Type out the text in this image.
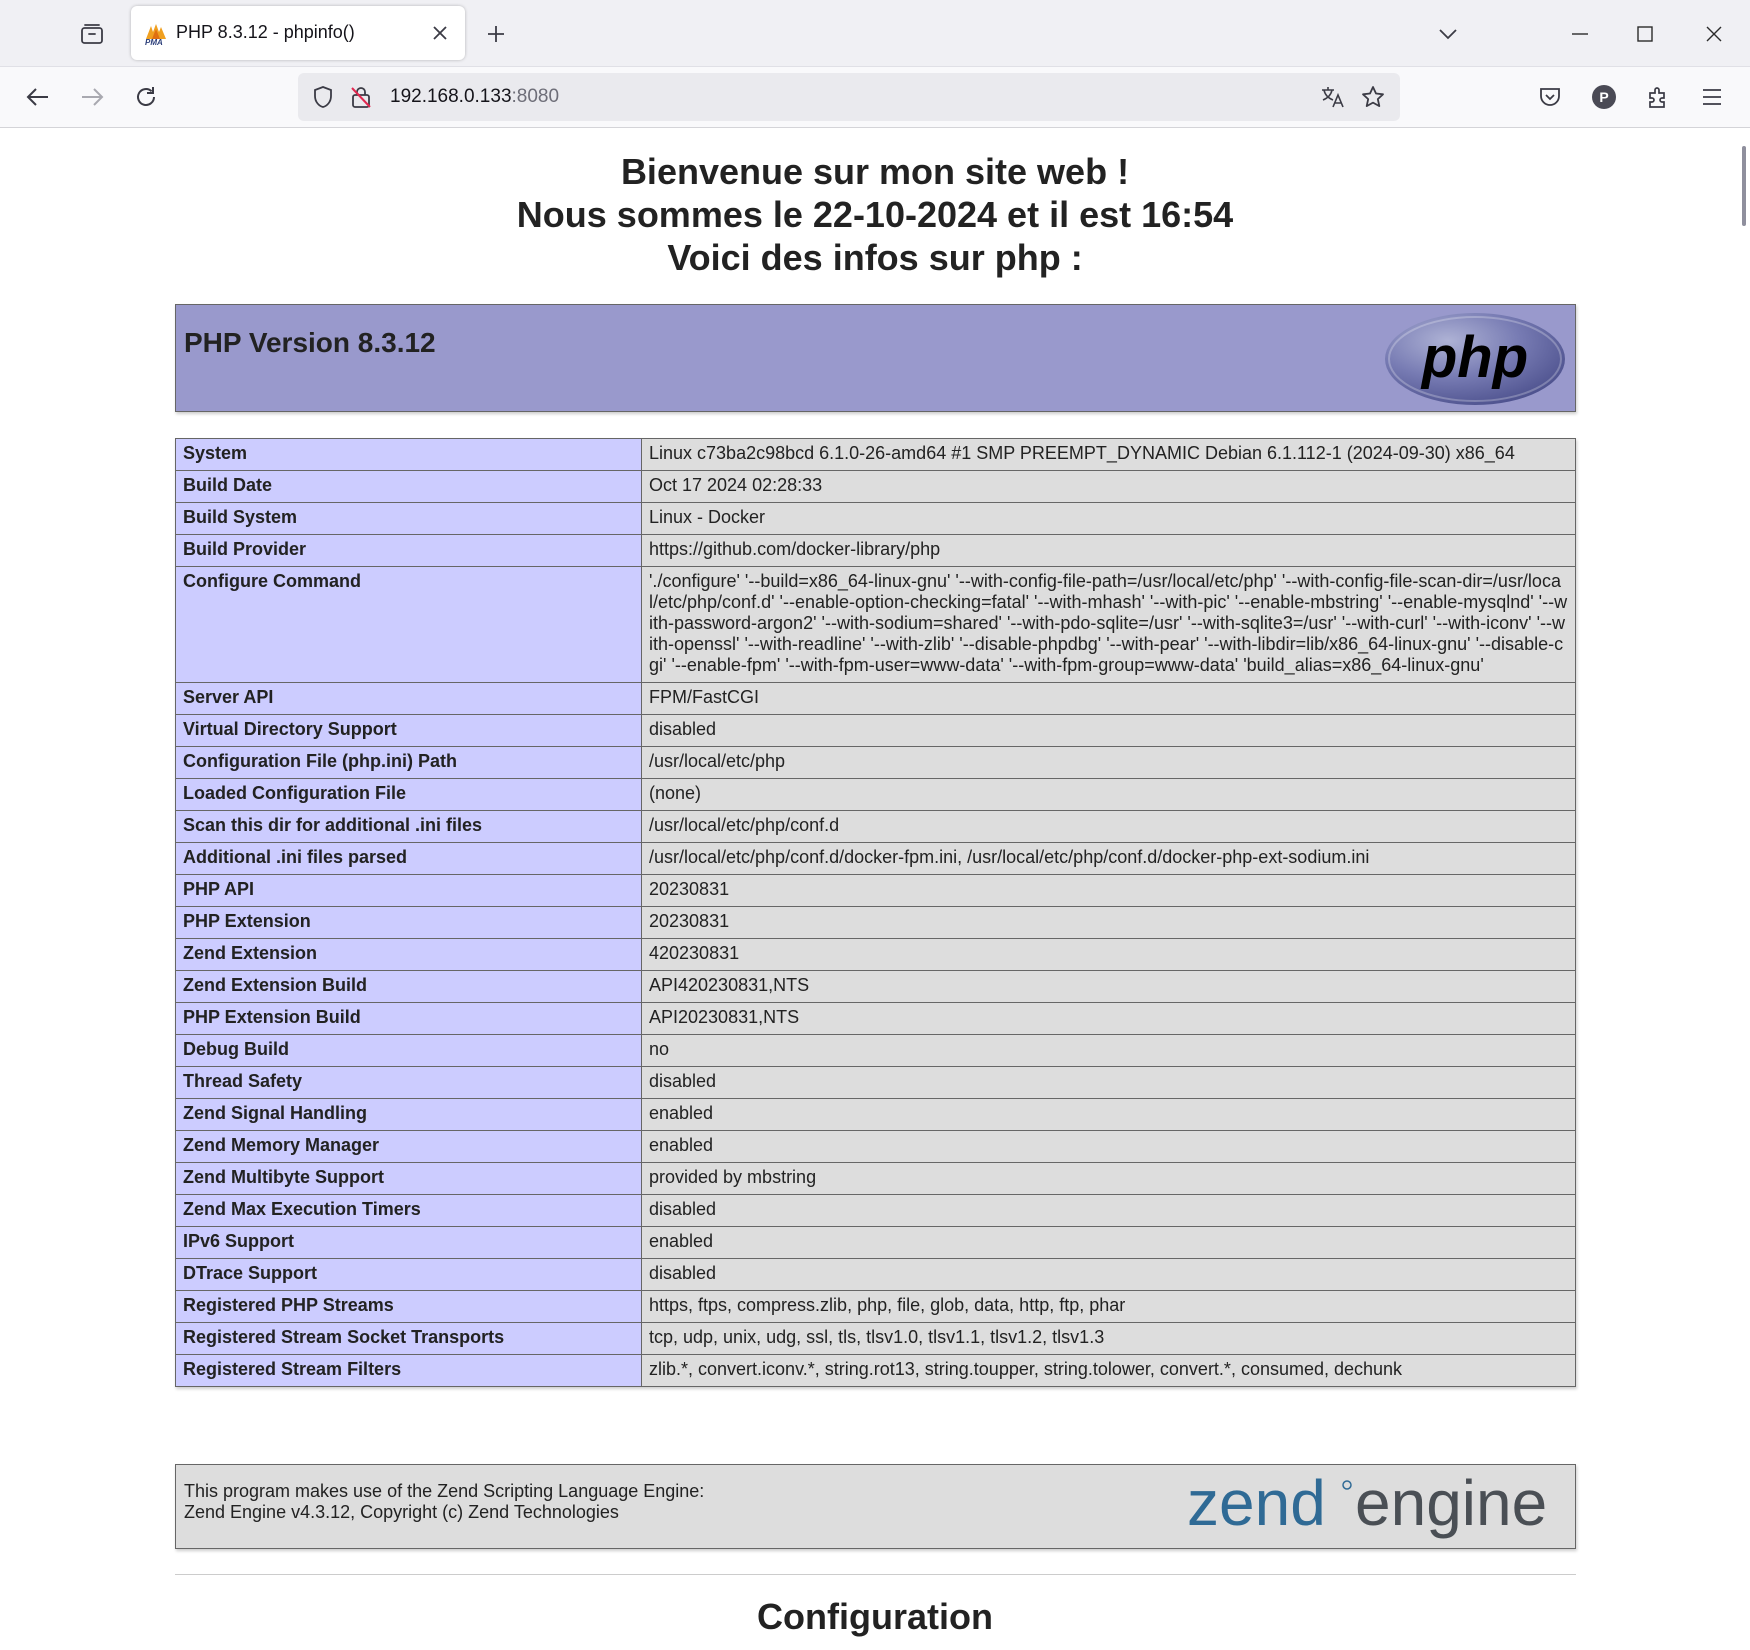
PMA
PHP 8.3.12 - phpinfo()
192.168.0.133:8080	P
Bienvenue sur mon site web !
Nous sommes le 22-10-2024 et il est 16:54
Voici des infos sur php :
PHP Version 8.3.12	php
System	Linux c73ba2c98bcd 6.1.0-26-amd64 #1 SMP PREEMPT_DYNAMIC Debian 6.1.112-1 (2024-09-30) x86_64
Build Date	Oct 17 2024 02:28:33
Build System	Linux - Docker
Build Provider	https://github.com/docker-library/php
Configure Command	'./configure' '--build=x86_64-linux-gnu' '--with-config-file-path=/usr/local/etc/php' '--with-config-file-scan-dir=/usr/local/etc/php/conf.d' '--enable-option-checking=fatal' '--with-mhash' '--with-pic' '--enable-mbstring' '--enable-mysqlnd' '--with-password-argon2' '--with-sodium=shared' '--with-pdo-sqlite=/usr' '--with-sqlite3=/usr' '--with-curl' '--with-iconv' '--with-openssl' '--with-readline' '--with-zlib' '--disable-phpdbg' '--with-pear' '--with-libdir=lib/x86_64-linux-gnu' '--disable-cgi' '--enable-fpm' '--with-fpm-user=www-data' '--with-fpm-group=www-data' 'build_alias=x86_64-linux-gnu'
Server API	FPM/FastCGI
Virtual Directory Support	disabled
Configuration File (php.ini) Path	/usr/local/etc/php
Loaded Configuration File	(none)
Scan this dir for additional .ini files	/usr/local/etc/php/conf.d
Additional .ini files parsed	/usr/local/etc/php/conf.d/docker-fpm.ini, /usr/local/etc/php/conf.d/docker-php-ext-sodium.ini
PHP API	20230831
PHP Extension	20230831
Zend Extension	420230831
Zend Extension Build	API420230831,NTS
PHP Extension Build	API20230831,NTS
Debug Build	no
Thread Safety	disabled
Zend Signal Handling	enabled
Zend Memory Manager	enabled
Zend Multibyte Support	provided by mbstring
Zend Max Execution Timers	disabled
IPv6 Support	enabled
DTrace Support	disabled
Registered PHP Streams	https, ftps, compress.zlib, php, file, glob, data, http, ftp, phar
Registered Stream Socket Transports	tcp, udp, unix, udg, ssl, tls, tlsv1.0, tlsv1.1, tlsv1.2, tlsv1.3
Registered Stream Filters	zlib.*, convert.iconv.*, string.rot13, string.toupper, string.tolower, convert.*, consumed, dechunk
This program makes use of the Zend Scripting Language Engine:
Zend Engine v4.3.12, Copyright (c) Zend Technologies	zend engine
Configuration
